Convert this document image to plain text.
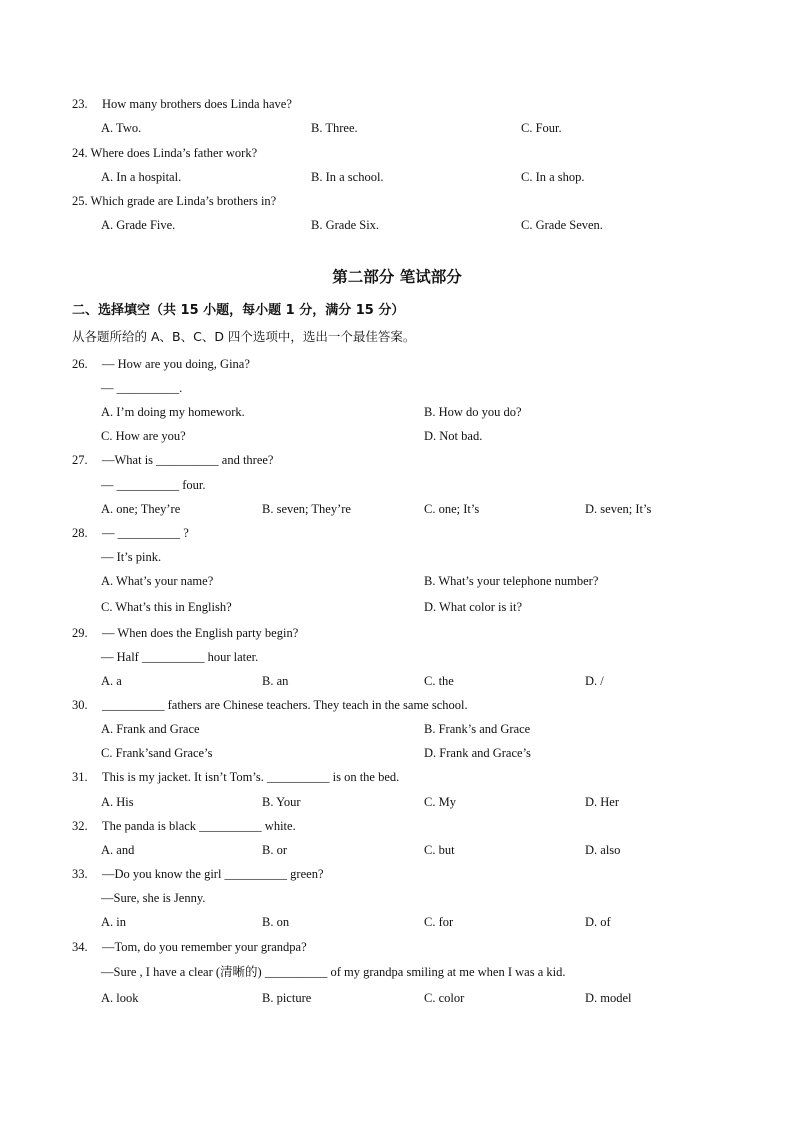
23. How many brothers does Linda have?
A. Two.	B. Three.	C. Four.
24. Where does Linda’s father work?
A. In a hospital.	B. In a school.	C. In a shop.
25. Which grade are Linda’s brothers in?
A. Grade Five.	B. Grade Six.	C. Grade Seven.
第二部分 笔试部分
二、选择填空（共 15 小题，每小题 1 分，满分 15 分）
从各题所给的 A、B、C、D 四个选项中，选出一个最佳答案。
26. — How are you doing, Gina?
— __________.
A. I’m doing my homework.	B. How do you do?
C. How are you?	D. Not bad.
27. —What is __________ and three?
— __________ four.
A. one; They’re	B. seven; They’re	C. one; It’s	D. seven; It’s
28. — __________ ?
— It’s pink.
A. What’s your name?	B. What’s your telephone number?
C. What’s this in English?	D. What color is it?
29. — When does the English party begin?
— Half __________ hour later.
A. a	B. an	C. the	D. /
30. __________ fathers are Chinese teachers. They teach in the same school.
A. Frank and Grace	B. Frank’s and Grace
C. Frank’sand Grace’s	D. Frank and Grace’s
31. This is my jacket. It isn’t Tom’s. __________ is on the bed.
A. His	B. Your	C. My	D. Her
32. The panda is black __________ white.
A. and	B. or	C. but	D. also
33. —Do you know the girl __________ green?
—Sure, she is Jenny.
A. in	B. on	C. for	D. of
34. —Tom, do you remember your grandpa?
—Sure , I have a clear (清晰的) __________ of my grandpa smiling at me when I was a kid.
A. look	B. picture	C. color	D. model
